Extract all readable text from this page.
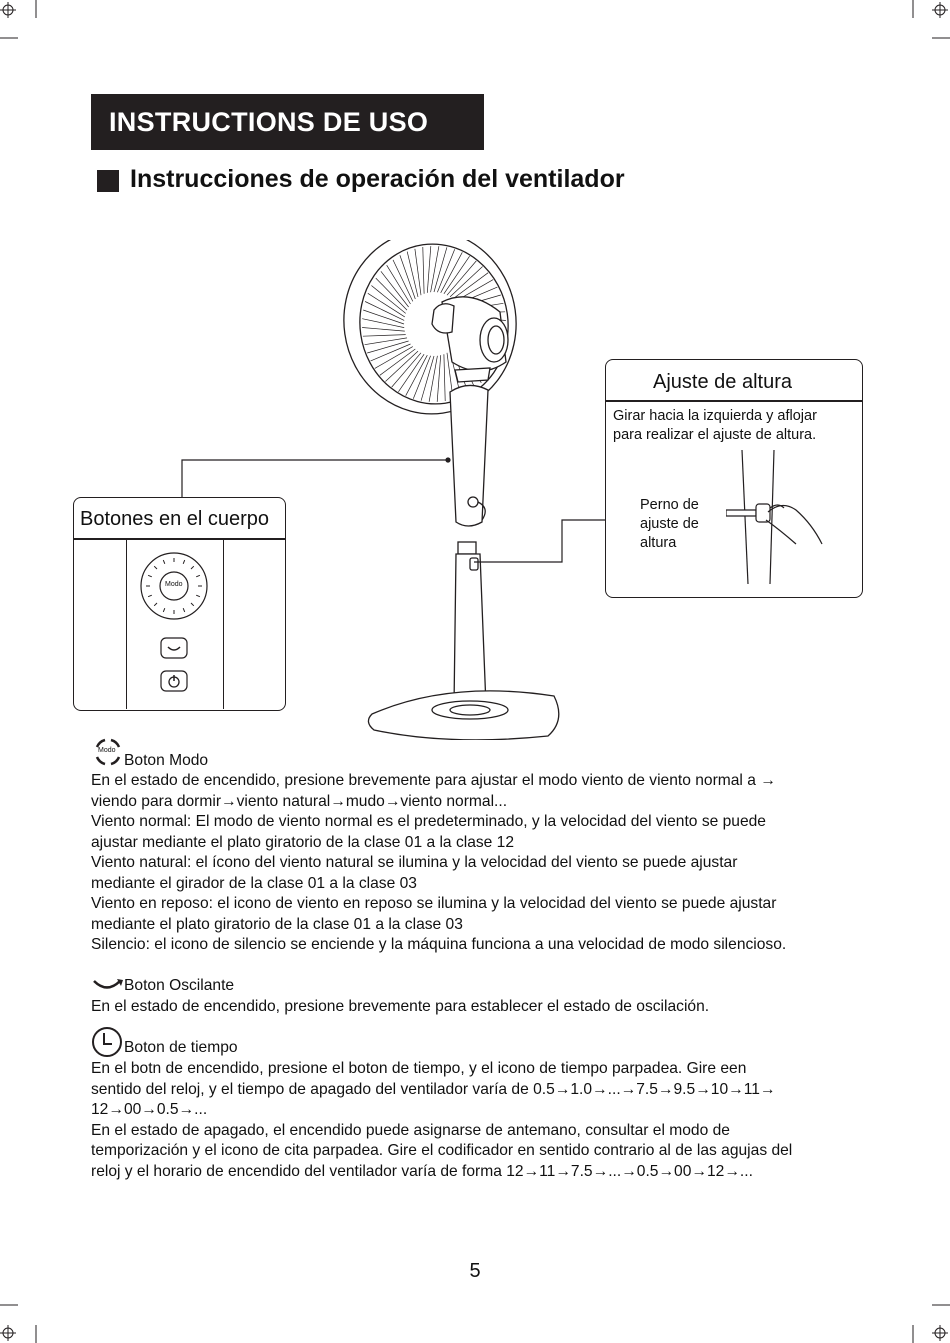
INSTRUCTIONS DE USO
Instrucciones de operación del ventilador
Ajuste de altura
Girar hacia la izquierda y aflojar
para realizar el ajuste de altura.
Perno de
ajuste de
altura
Botones en el cuerpo
Modo
Modo
Boton Modo
En el estado de encendido, presione brevemente para ajustar el modo viento de viento normal a →
viendo para dormir→viento natural→mudo→viento normal...
Viento normal: El modo de viento normal es el predeterminado, y la velocidad del viento se puede
ajustar mediante el plato giratorio de la clase 01 a la clase 12
Viento natural: el ícono del viento natural se ilumina y la velocidad del viento se puede ajustar
mediante el girador de la clase 01 a la clase 03
Viento en reposo: el icono de viento en reposo se ilumina y la velocidad del viento se puede ajustar
mediante el plato giratorio de la clase 01 a la clase 03
Silencio: el icono de silencio se enciende y la máquina funciona a una velocidad de modo silencioso.
Boton Oscilante
En el estado de encendido, presione brevemente para establecer el estado de oscilación.
Boton de tiempo
En el botn de encendido, presione el boton de tiempo, y el icono de tiempo parpadea. Gire een
sentido del reloj, y el tiempo de apagado del ventilador varía de 0.5→1.0→...→7.5→9.5→10→11→
12→00→0.5→...
En el estado de apagado, el encendido puede asignarse de antemano, consultar el modo de
temporización y el icono de cita parpadea. Gire el codificador en sentido contrario al de las agujas del
reloj y el horario de encendido del ventilador varía de forma 12→11→7.5→...→0.5→00→12→...
5
